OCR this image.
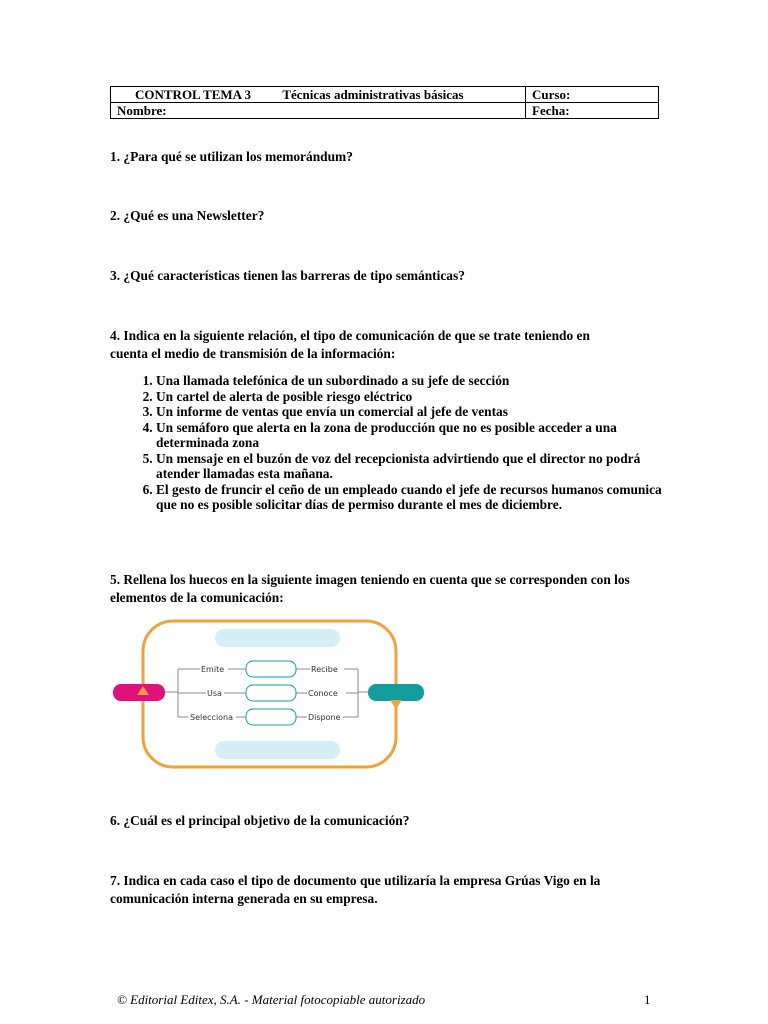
CONTROL TEMA 3 Técnicas administrativas básicas	Curso:
Nombre:	Fecha:

1. ¿Para qué se utilizan los memorándum?

2. ¿Qué es una Newsletter?

3. ¿Qué características tienen las barreras de tipo semánticas?

4. Indica en la siguiente relación, el tipo de comunicación de que se trate teniendo en cuenta el medio de transmisión de la información:

1. Una llamada telefónica de un subordinado a su jefe de sección
2. Un cartel de alerta de posible riesgo eléctrico
3. Un informe de ventas que envía un comercial al jefe de ventas
4. Un semáforo que alerta en la zona de producción que no es posible acceder a una determinada zona
5. Un mensaje en el buzón de voz del recepcionista advirtiendo que el director no podrá atender llamadas esta mañana.
6. El gesto de fruncir el ceño de un empleado cuando el jefe de recursos humanos comunica que no es posible solicitar días de permiso durante el mes de diciembre.

5. Rellena los huecos en la siguiente imagen teniendo en cuenta que se corresponden con los elementos de la comunicación:

Emite
Usa
Selecciona
Recibe
Conoce
Dispone

6. ¿Cuál es el principal objetivo de la comunicación?

7. Indica en cada caso el tipo de documento que utilizaría la empresa Grúas Vigo en la comunicación interna generada en su empresa.

© Editorial Editex, S.A. - Material fotocopiable autorizado	1
